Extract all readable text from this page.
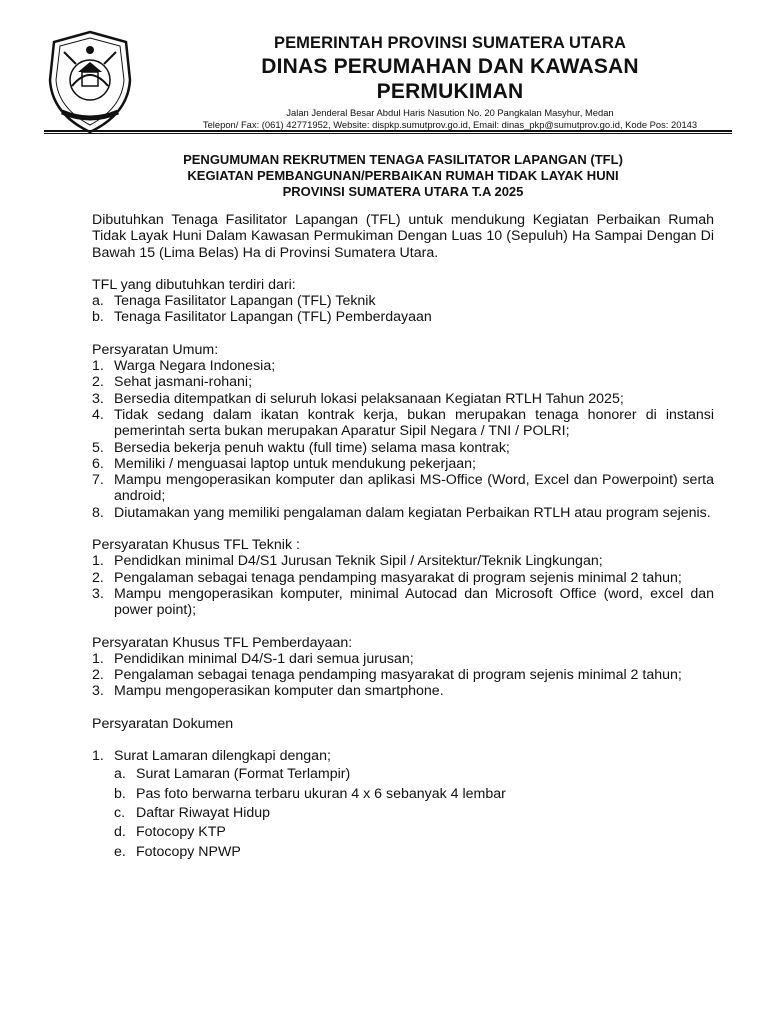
PEMERINTAH PROVINSI SUMATERA UTARA
DINAS PERUMAHAN DAN KAWASAN
PERMUKIMAN
Jalan Jenderal Besar Abdul Haris Nasution No. 20 Pangkalan Masyhur, Medan
Telepon/ Fax: (061) 42771952, Website: dispkp.sumutprov.go.id, Email: dinas_pkp@sumutprov.go.id, Kode Pos: 20143
PENGUMUMAN REKRUTMEN TENAGA FASILITATOR LAPANGAN (TFL)
KEGIATAN PEMBANGUNAN/PERBAIKAN RUMAH TIDAK LAYAK HUNI
PROVINSI SUMATERA UTARA T.A 2025

Dibutuhkan Tenaga Fasilitator Lapangan (TFL) untuk mendukung Kegiatan Perbaikan Rumah Tidak Layak Huni Dalam Kawasan Permukiman Dengan Luas 10 (Sepuluh) Ha Sampai Dengan Di Bawah 15 (Lima Belas) Ha di Provinsi Sumatera Utara.

TFL yang dibutuhkan terdiri dari:
a. Tenaga Fasilitator Lapangan (TFL) Teknik
b. Tenaga Fasilitator Lapangan (TFL) Pemberdayaan
Persyaratan Umum:
1. Warga Negara Indonesia;
2. Sehat jasmani-rohani;
3. Bersedia ditempatkan di seluruh lokasi pelaksanaan Kegiatan RTLH Tahun 2025;
4. Tidak sedang dalam ikatan kontrak kerja, bukan merupakan tenaga honorer di instansi pemerintah serta bukan merupakan Aparatur Sipil Negara / TNI / POLRI;
5. Bersedia bekerja penuh waktu (full time) selama masa kontrak;
6. Memiliki / menguasai laptop untuk mendukung pekerjaan;
7. Mampu mengoperasikan komputer dan aplikasi MS-Office (Word, Excel dan Powerpoint) serta android;
8. Diutamakan yang memiliki pengalaman dalam kegiatan Perbaikan RTLH atau program sejenis.
Persyaratan Khusus TFL Teknik :
1. Pendidkan minimal D4/S1 Jurusan Teknik Sipil / Arsitektur/Teknik Lingkungan;
2. Pengalaman sebagai tenaga pendamping masyarakat di program sejenis minimal 2 tahun;
3. Mampu mengoperasikan komputer, minimal Autocad dan Microsoft Office (word, excel dan power point);
Persyaratan Khusus TFL Pemberdayaan:
1. Pendidikan minimal D4/S-1 dari semua jurusan;
2. Pengalaman sebagai tenaga pendamping masyarakat di program sejenis minimal 2 tahun;
3. Mampu mengoperasikan komputer dan smartphone.
Persyaratan Dokumen
1. Surat Lamaran dilengkapi dengan;
a. Surat Lamaran (Format Terlampir)
b. Pas foto berwarna terbaru ukuran 4 x 6 sebanyak 4 lembar
c. Daftar Riwayat Hidup
d. Fotocopy KTP
e. Fotocopy NPWP
